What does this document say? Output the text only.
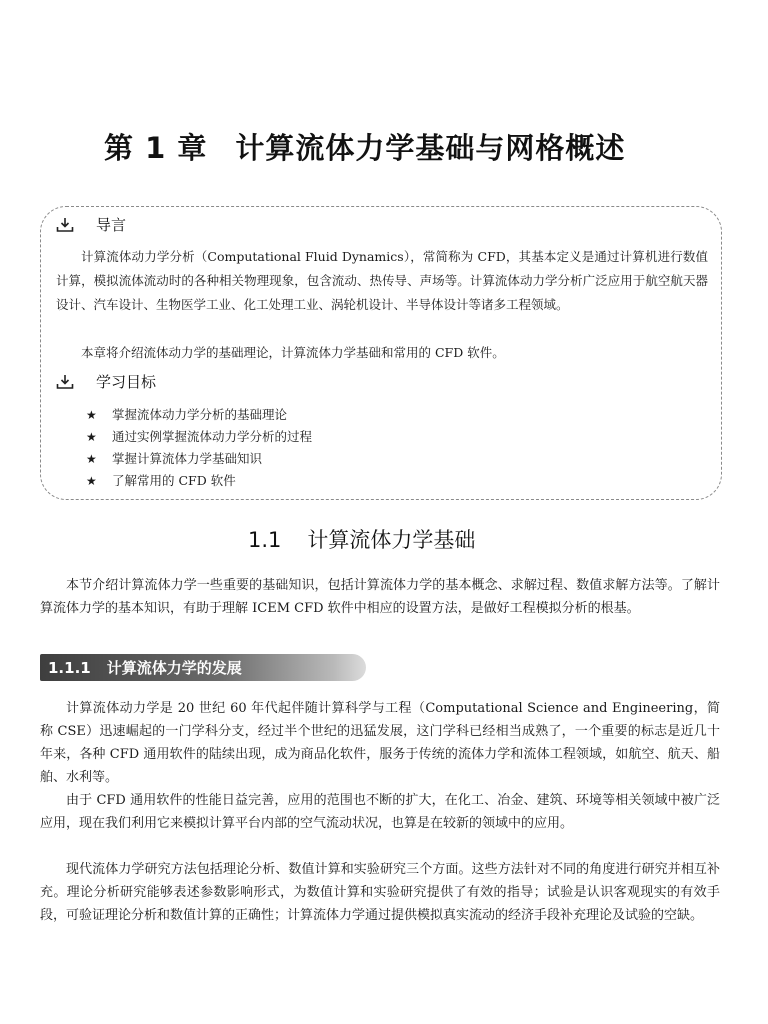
第 1 章 计算流体力学基础与网格概述
导言
计算流体动力学分析（Computational Fluid Dynamics），常简称为 CFD，其基本定义是通过计算机进行数值计算，模拟流体流动时的各种相关物理现象，包含流动、热传导、声场等。计算流体动力学分析广泛应用于航空航天器设计、汽车设计、生物医学工业、化工处理工业、涡轮机设计、半导体设计等诸多工程领域。
本章将介绍流体动力学的基础理论，计算流体力学基础和常用的 CFD 软件。
学习目标
★ 掌握流体动力学分析的基础理论
★ 通过实例掌握流体动力学分析的过程
★ 掌握计算流体力学基础知识
★ 了解常用的 CFD 软件
1.1 计算流体力学基础
本节介绍计算流体力学一些重要的基础知识，包括计算流体力学的基本概念、求解过程、数值求解方法等。了解计算流体力学的基本知识，有助于理解 ICEM CFD 软件中相应的设置方法，是做好工程模拟分析的根基。
1.1.1 计算流体力学的发展
计算流体动力学是 20 世纪 60 年代起伴随计算科学与工程（Computational Science and Engineering，简称 CSE）迅速崛起的一门学科分支，经过半个世纪的迅猛发展，这门学科已经相当成熟了，一个重要的标志是近几十年来，各种 CFD 通用软件的陆续出现，成为商品化软件，服务于传统的流体力学和流体工程领域，如航空、航天、船舶、水利等。
由于 CFD 通用软件的性能日益完善，应用的范围也不断的扩大，在化工、冶金、建筑、环境等相关领域中被广泛应用，现在我们利用它来模拟计算平台内部的空气流动状况，也算是在较新的领域中的应用。
现代流体力学研究方法包括理论分析、数值计算和实验研究三个方面。这些方法针对不同的角度进行研究并相互补充。理论分析研究能够表述参数影响形式，为数值计算和实验研究提供了有效的指导；试验是认识客观现实的有效手段，可验证理论分析和数值计算的正确性；计算流体力学通过提供模拟真实流动的经济手段补充理论及试验的空缺。
